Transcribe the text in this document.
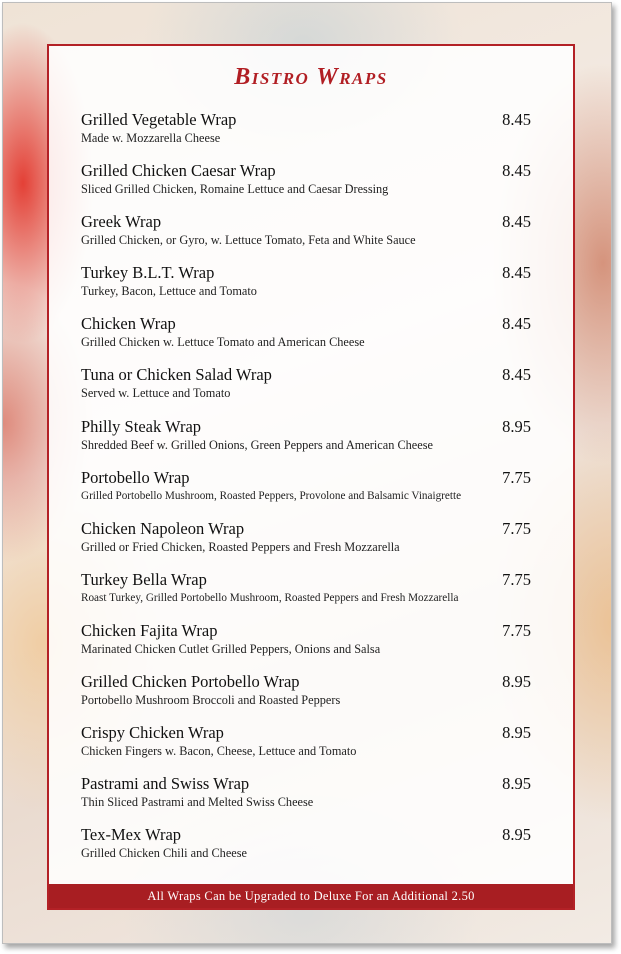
Bistro Wraps
Grilled Vegetable Wrap
Made w. Mozzarella Cheese
8.45
Grilled Chicken Caesar Wrap
Sliced Grilled Chicken, Romaine Lettuce and Caesar Dressing
8.45
Greek Wrap
Grilled Chicken, or Gyro, w. Lettuce Tomato, Feta and White Sauce
8.45
Turkey B.L.T. Wrap
Turkey, Bacon, Lettuce and Tomato
8.45
Chicken Wrap
Grilled Chicken w. Lettuce Tomato and American Cheese
8.45
Tuna or Chicken Salad Wrap
Served w. Lettuce and Tomato
8.45
Philly Steak Wrap
Shredded Beef w. Grilled Onions, Green Peppers and American Cheese
8.95
Portobello Wrap
Grilled Portobello Mushroom, Roasted Peppers, Provolone and Balsamic Vinaigrette
7.75
Chicken Napoleon Wrap
Grilled or Fried Chicken, Roasted Peppers and Fresh Mozzarella
7.75
Turkey Bella Wrap
Roast Turkey, Grilled Portobello Mushroom, Roasted Peppers and Fresh Mozzarella
7.75
Chicken Fajita Wrap
Marinated Chicken Cutlet Grilled Peppers, Onions and Salsa
7.75
Grilled Chicken Portobello Wrap
Portobello Mushroom Broccoli and Roasted Peppers
8.95
Crispy Chicken Wrap
Chicken Fingers w. Bacon, Cheese, Lettuce and Tomato
8.95
Pastrami and Swiss Wrap
Thin Sliced Pastrami and Melted Swiss Cheese
8.95
Tex-Mex Wrap
Grilled Chicken Chili and Cheese
8.95
All Wraps Can be Upgraded to Deluxe For an Additional 2.50
